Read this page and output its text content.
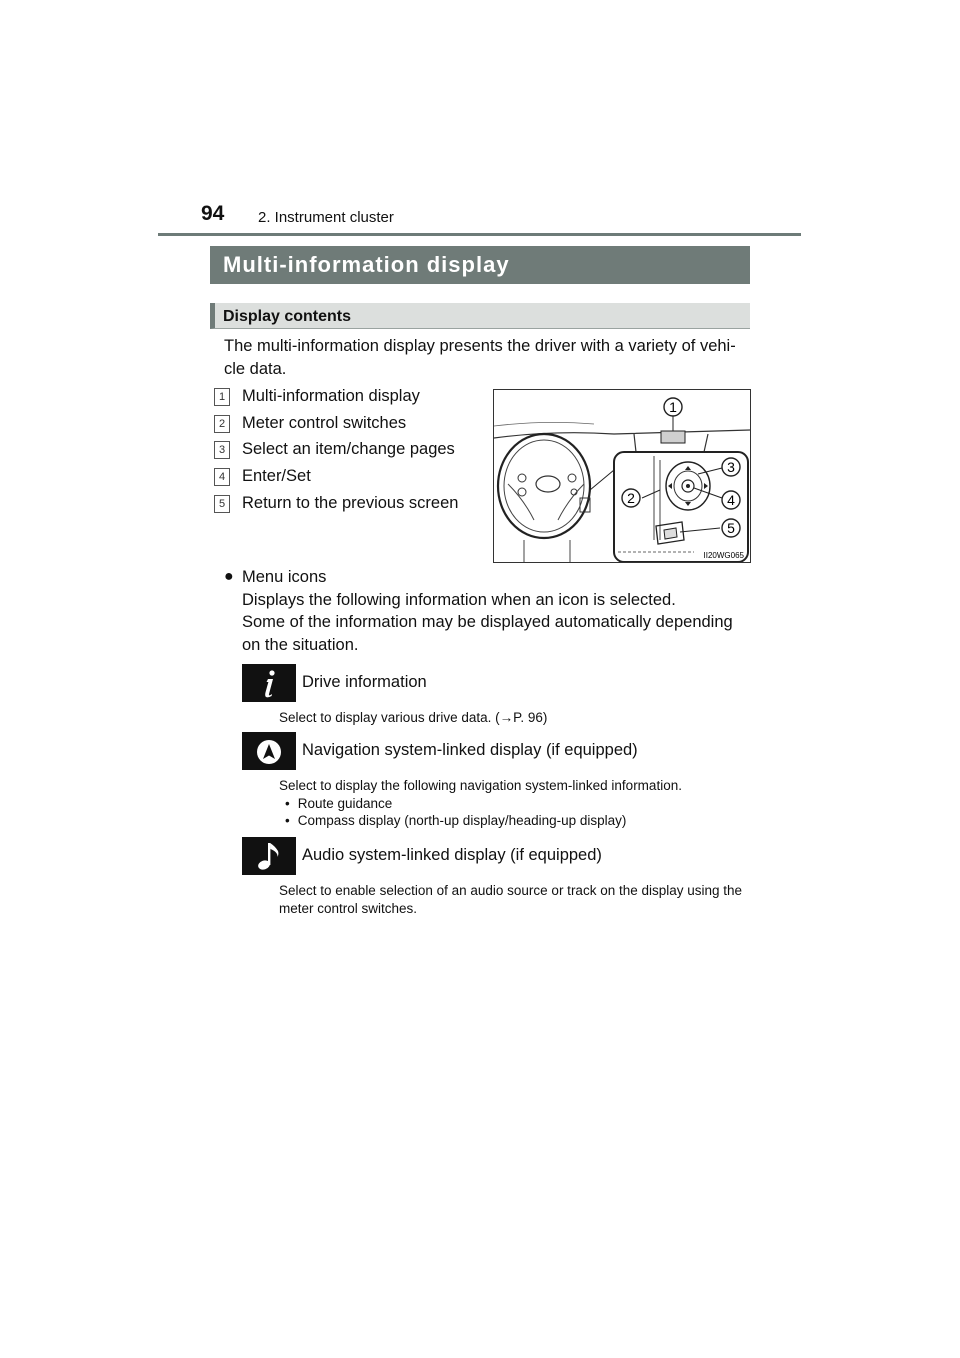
94 2. Instrument cluster
Multi-information display
Display contents
The multi-information display presents the driver with a variety of vehi-cle data.
1 Multi-information display
2 Meter control switches
3 Select an item/change pages
4 Enter/Set
5 Return to the previous screen
1
2
3
4
5
II20WG065
● Menu icons
Displays the following information when an icon is selected.
Some of the information may be displayed automatically depending on the situation.
Drive information
Select to display various drive data. (→P. 96)
Navigation system-linked display (if equipped)
Select to display the following navigation system-linked information.
• Route guidance
• Compass display (north-up display/heading-up display)
Audio system-linked display (if equipped)
Select to enable selection of an audio source or track on the display using the meter control switches.
